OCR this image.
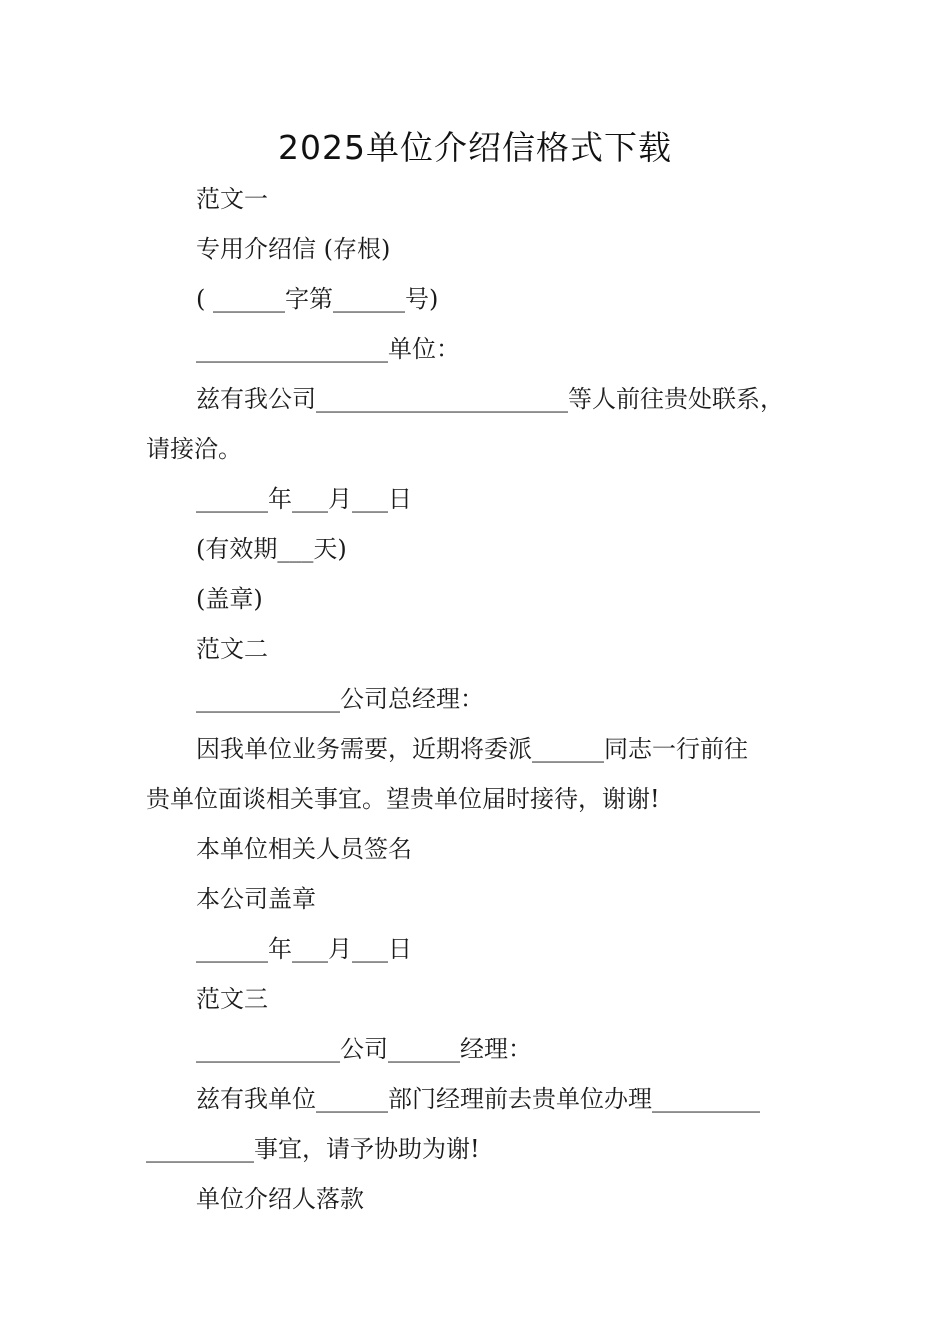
2025单位介绍信格式下载

范文一

专用介绍信 (存根)

( ______字第______号)

________________单位：

兹有我公司_____________________等人前往贵处联系，

请接洽。

______年___月___日

(有效期___天)

(盖章)

范文二

____________公司总经理：

因我单位业务需要，近期将委派______同志一行前往

贵单位面谈相关事宜。望贵单位届时接待，谢谢!

本单位相关人员签名

本公司盖章

______年___月___日

范文三

____________公司______经理：

兹有我单位______部门经理前去贵单位办理_________

_________事宜，请予协助为谢!

单位介绍人落款
